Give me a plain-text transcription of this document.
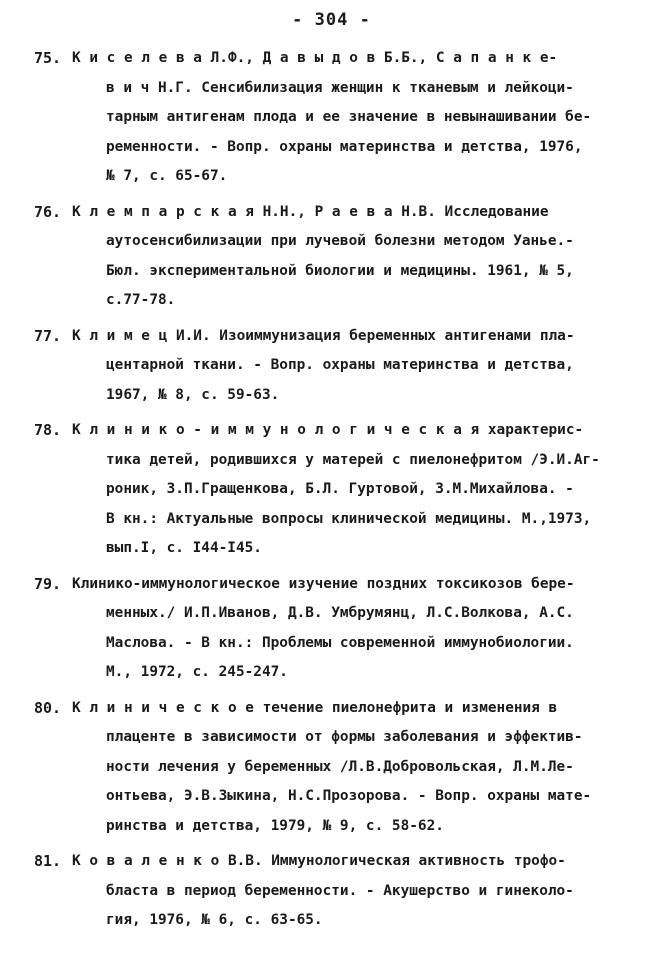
- 304 -
75. К и с е л е в а Л.Ф., Д а в ы д о в Б.Б., С а п а н к е-
в и ч Н.Г. Сенсибилизация женщин к тканевым и лейкоци-
тарным антигенам плода и ее значение в невынашивании бе-
ременности. - Вопр. охраны материнства и детства, 1976,
№ 7, с. 65-67.
76. К л е м п а р с к а я Н.Н., Р а е в а Н.В. Исследование
аутосенсибилизации при лучевой болезни методом Уанье.-
Бюл. экспериментальной биологии и медицины. 1961, № 5,
с.77-78.
77. К л и м е ц И.И. Изоиммунизация беременных антигенами пла-
центарной ткани. - Вопр. охраны материнства и детства,
1967, № 8, с. 59-63.
78. К л и н и к о - и м м у н о л о г и ч е с к а я характерис-
тика детей, родившихся у матерей с пиелонефритом /Э.И.Аг-
роник, З.П.Гращенкова, Б.Л. Гуртовой, З.М.Михайлова. -
В кн.: Актуальные вопросы клинической медицины. М.,1973,
вып.I, с. I44-I45.
79. Клинико-иммунологическое изучение поздних токсикозов бере-
менных./ И.П.Иванов, Д.В. Умбрумянц, Л.С.Волкова, А.С.
Маслова. - В кн.: Проблемы современной иммунобиологии.
М., 1972, с. 245-247.
80. К л и н и ч е с к о е течение пиелонефрита и изменения в
плаценте в зависимости от формы заболевания и эффектив-
ности лечения у беременных /Л.В.Добровольская, Л.М.Ле-
онтьева, Э.В.Зыкина, Н.С.Прозорова. - Вопр. охраны мате-
ринства и детства, 1979, № 9, с. 58-62.
81. К о в а л е н к о В.В. Иммунологическая активность трофо-
бласта в период беременности. - Акушерство и гинеколо-
гия, 1976, № 6, с. 63-65.
